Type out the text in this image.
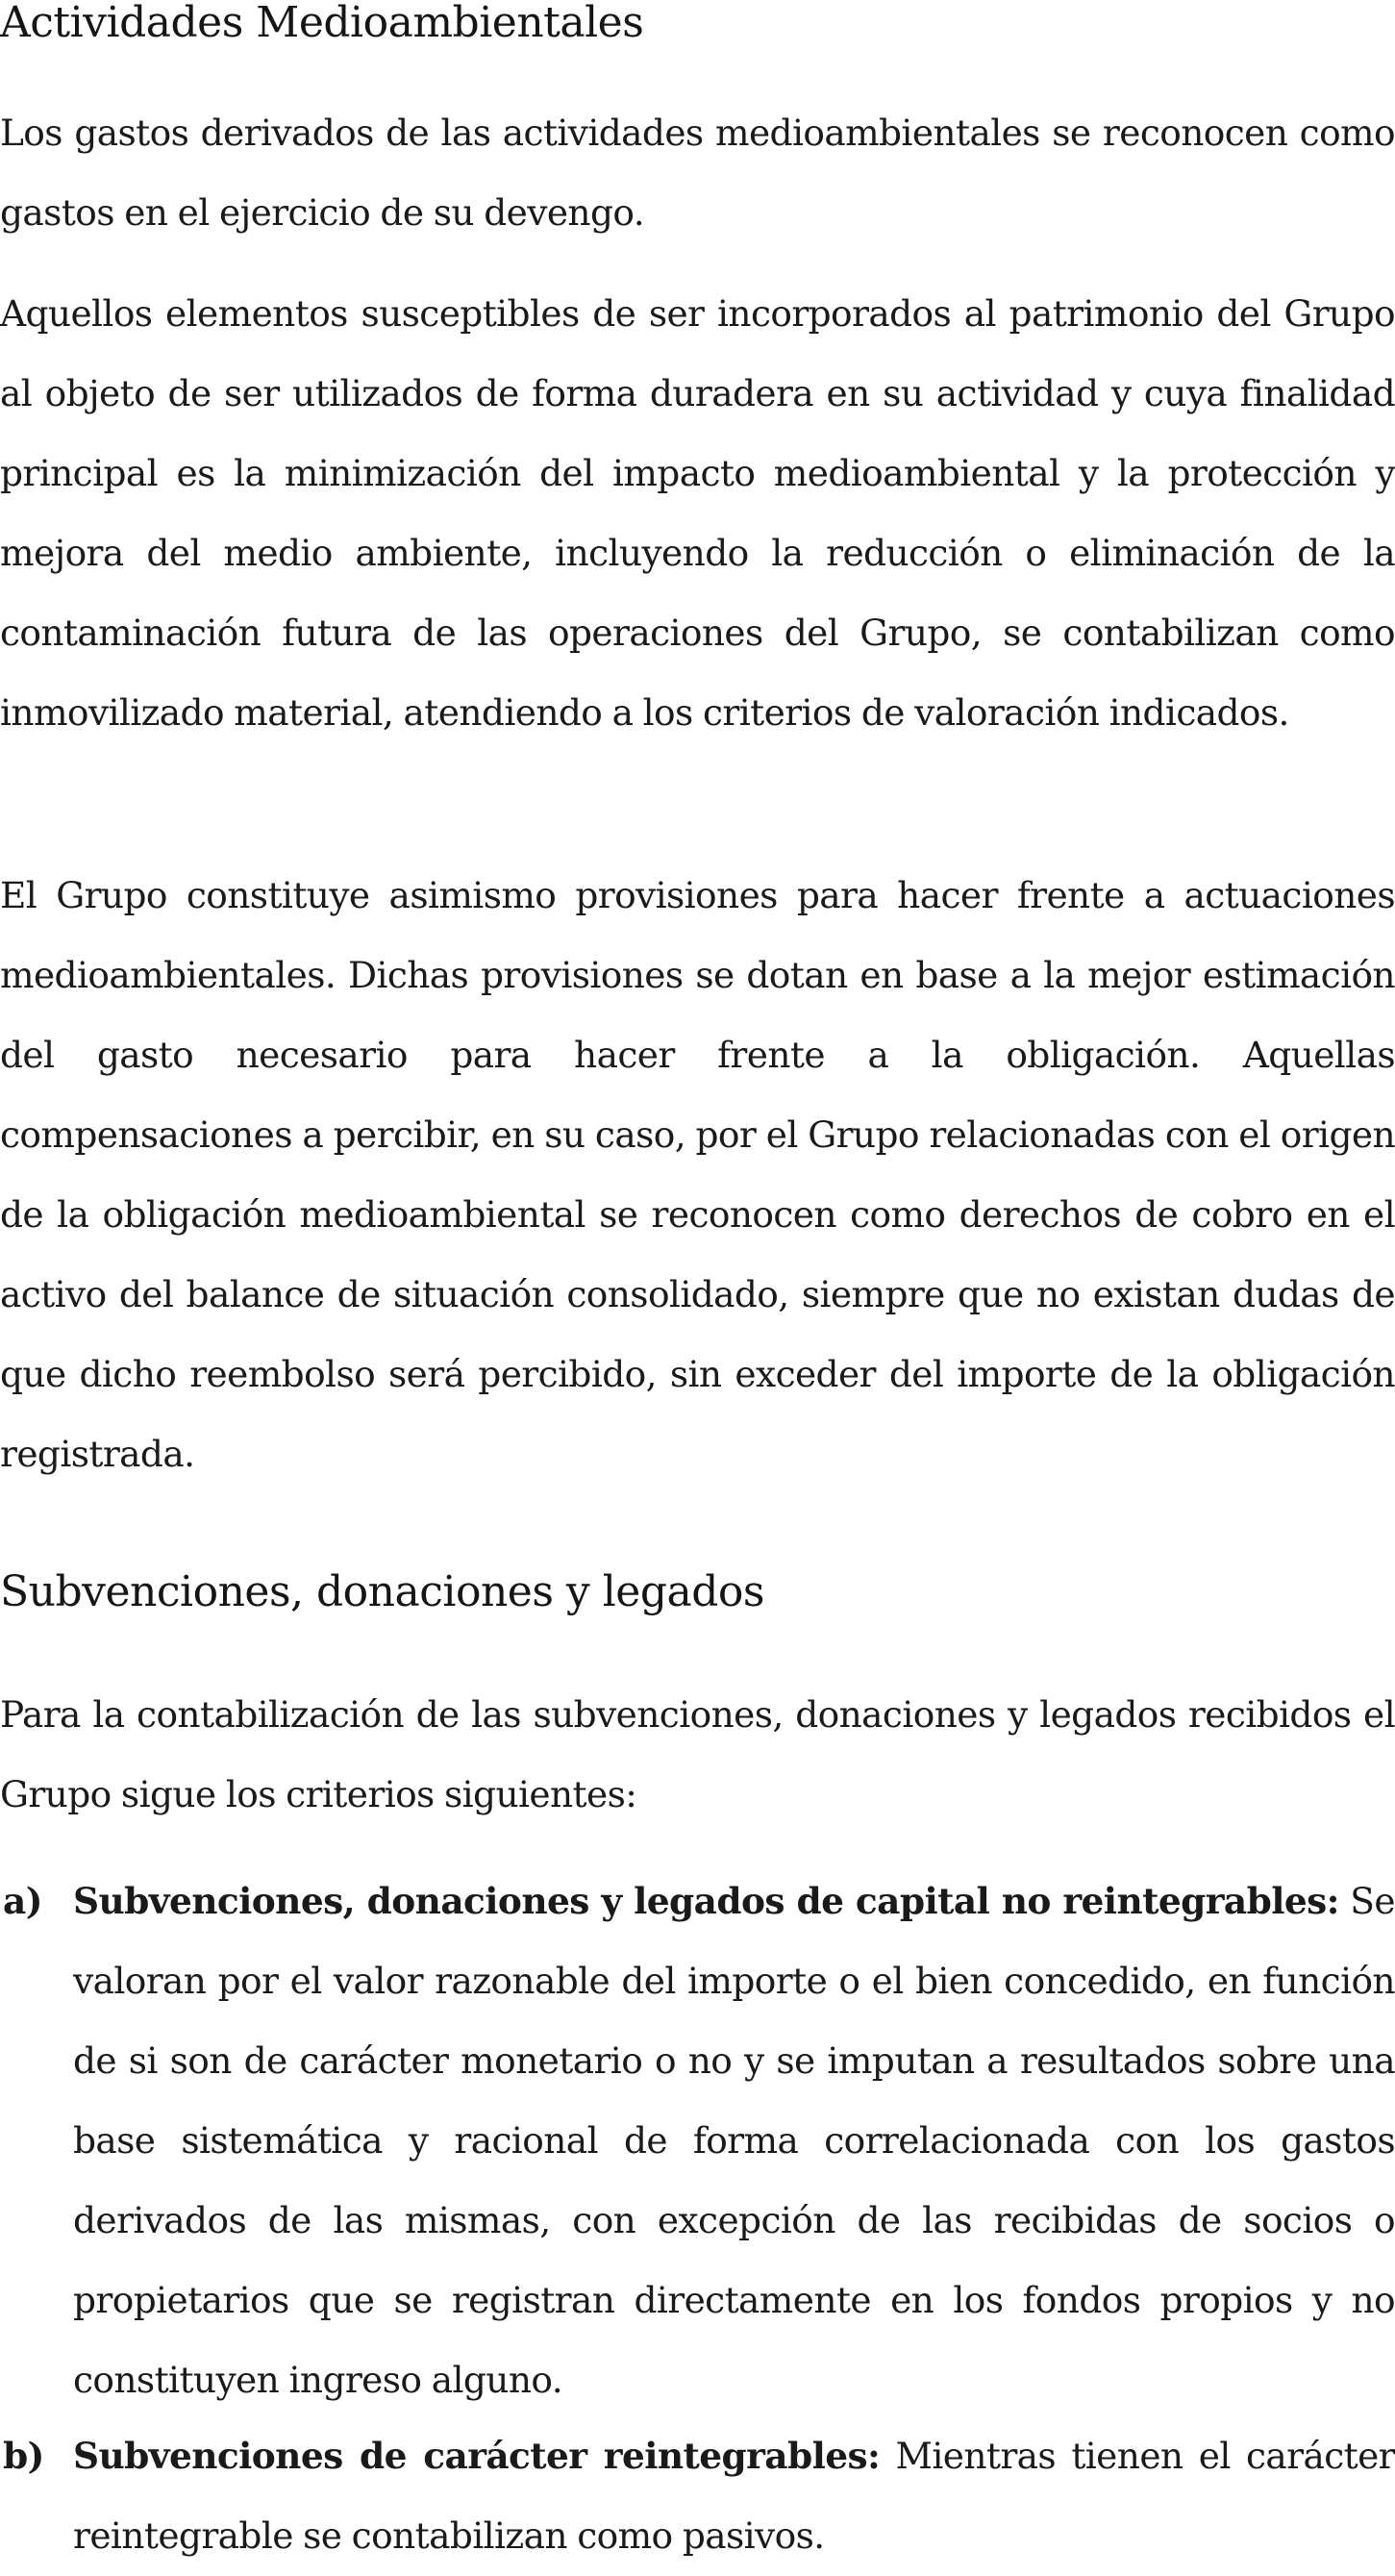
Actividades Medioambientales

Los gastos derivados de las actividades medioambientales se reconocen como gastos en el ejercicio de su devengo.

Aquellos elementos susceptibles de ser incorporados al patrimonio del Grupo al objeto de ser utilizados de forma duradera en su actividad y cuya finalidad principal es la minimización del impacto medioambiental y la protección y mejora del medio ambiente, incluyendo la reducción o eliminación de la contaminación futura de las operaciones del Grupo, se contabilizan como inmovilizado material, atendiendo a los criterios de valoración indicados.

El Grupo constituye asimismo provisiones para hacer frente a actuaciones medioambientales. Dichas provisiones se dotan en base a la mejor estimación del gasto necesario para hacer frente a la obligación. Aquellas compensaciones a percibir, en su caso, por el Grupo relacionadas con el origen de la obligación medioambiental se reconocen como derechos de cobro en el activo del balance de situación consolidado, siempre que no existan dudas de que dicho reembolso será percibido, sin exceder del importe de la obligación registrada.

Subvenciones, donaciones y legados

Para la contabilización de las subvenciones, donaciones y legados recibidos el Grupo sigue los criterios siguientes:

a) Subvenciones, donaciones y legados de capital no reintegrables: Se valoran por el valor razonable del importe o el bien concedido, en función de si son de carácter monetario o no y se imputan a resultados sobre una base sistemática y racional de forma correlacionada con los gastos derivados de las mismas, con excepción de las recibidas de socios o propietarios que se registran directamente en los fondos propios y no constituyen ingreso alguno.
b) Subvenciones de carácter reintegrables: Mientras tienen el carácter reintegrable se contabilizan como pasivos.
